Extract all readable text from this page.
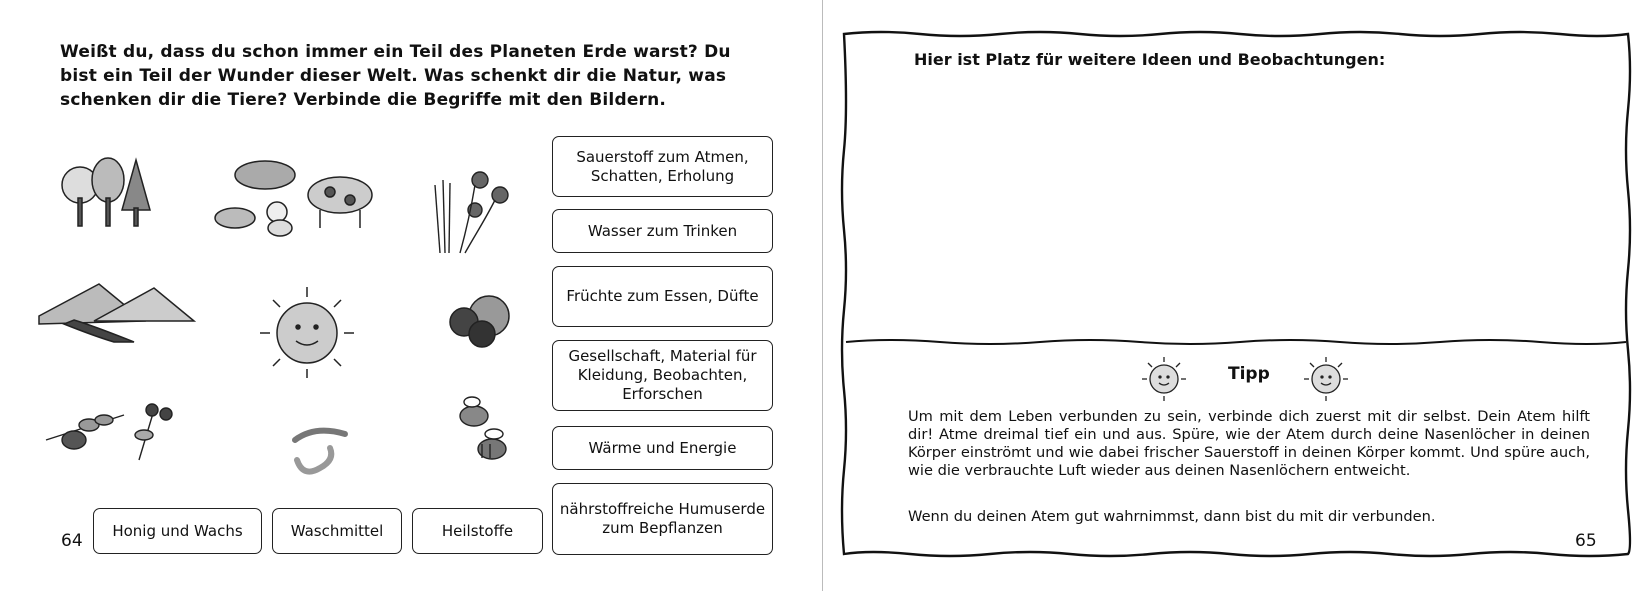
Weißt du, dass du schon immer ein Teil des Planeten Erde warst? Du bist ein Teil der Wunder dieser Welt. Was schenkt dir die Natur, was schenken dir die Tiere? Verbinde die Begriffe mit den Bildern.
Sauerstoff zum Atmen, Schatten, Erholung
Wasser zum Trinken
Früchte zum Essen, Düfte
Gesellschaft, Material für Kleidung, Beobachten, Erforschen
Wärme und Energie
nährstoffreiche Humuserde zum Bepflanzen
Honig und Wachs	Waschmittel	Heilstoffe
64
Hier ist Platz für weitere Ideen und Beobachtungen:
Tipp
Um mit dem Leben verbunden zu sein, verbinde dich zuerst mit dir selbst. Dein Atem hilft dir! Atme dreimal tief ein und aus. Spüre, wie der Atem durch deine Nasenlöcher in deinen Körper einströmt und wie dabei frischer Sauerstoff in deinen Körper kommt. Und spüre auch, wie die verbrauchte Luft wieder aus deinen Nasenlöchern entweicht.
Wenn du deinen Atem gut wahrnimmst, dann bist du mit dir verbunden.
65
